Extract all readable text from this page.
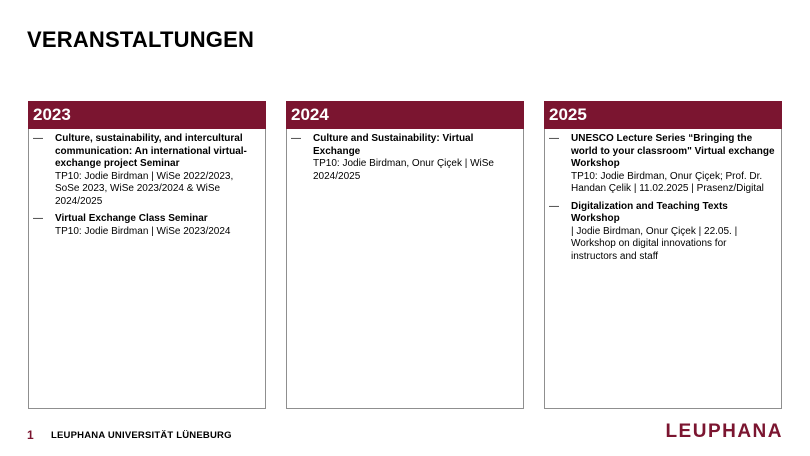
VERANSTALTUNGEN
2023
—	Culture, sustainability, and intercultural communication: An international virtual-exchange project Seminar
TP10: Jodie Birdman | WiSe 2022/2023, SoSe 2023, WiSe 2023/2024 & WiSe 2024/2025
—	Virtual Exchange Class Seminar
TP10: Jodie Birdman | WiSe 2023/2024
2024
—	Culture and Sustainability: Virtual Exchange
TP10: Jodie Birdman, Onur Çiçek | WiSe 2024/2025
2025
—	UNESCO Lecture Series “Bringing the world to your classroom" Virtual exchange Workshop
TP10: Jodie Birdman, Onur Çiçek; Prof. Dr. Handan Çelik | 11.02.2025 | Prasenz/Digital
—	Digitalization and Teaching Texts Workshop
| Jodie Birdman, Onur Çiçek | 22.05. | Workshop on digital innovations for instructors and staff
1 LEUPHANA UNIVERSITÄT LÜNEBURG	LEUPHANA
